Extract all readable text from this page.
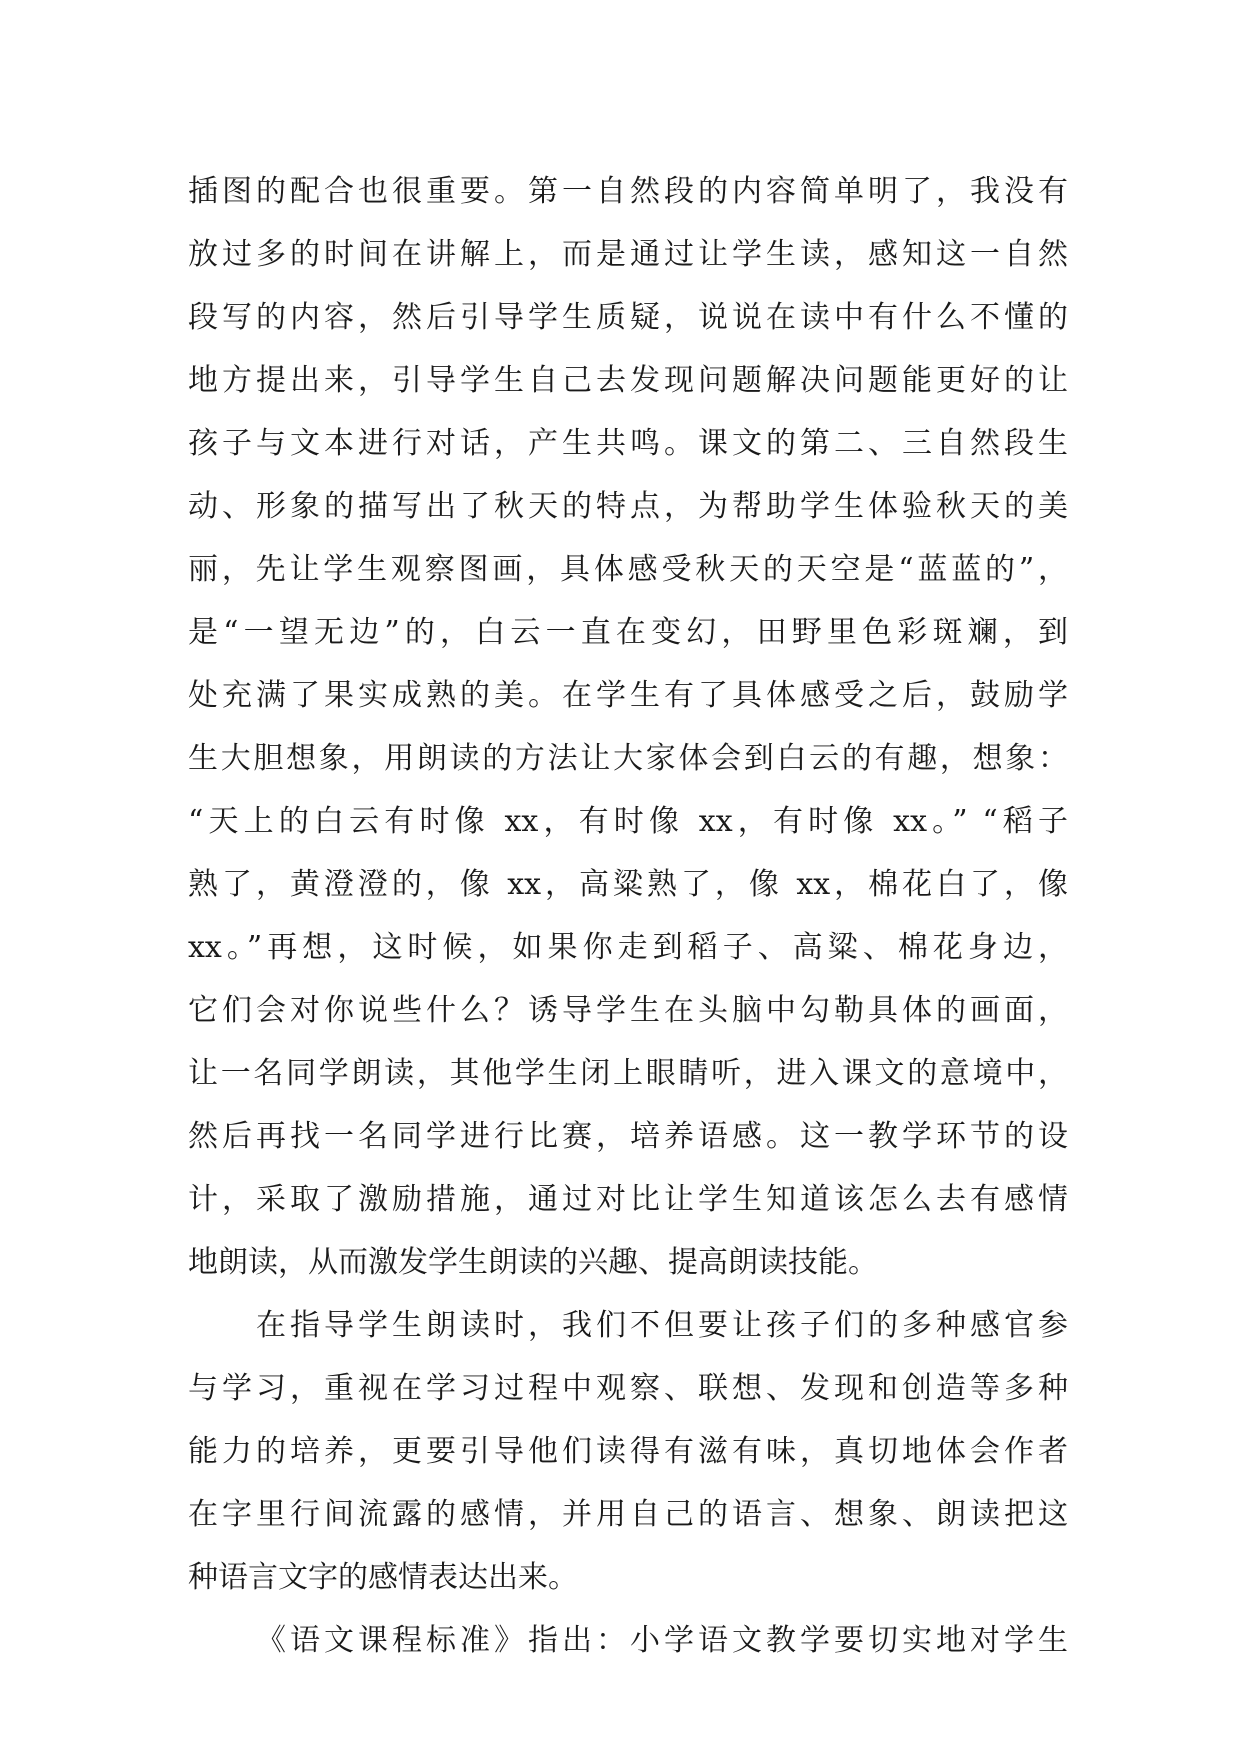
插图的配合也很重要。第一自然段的内容简单明了，我没有
放过多的时间在讲解上，而是通过让学生读，感知这一自然
段写的内容，然后引导学生质疑，说说在读中有什么不懂的
地方提出来，引导学生自己去发现问题解决问题能更好的让
孩子与文本进行对话，产生共鸣。课文的第二、三自然段生
动、形象的描写出了秋天的特点，为帮助学生体验秋天的美
丽，先让学生观察图画，具体感受秋天的天空是“蓝蓝的”，
是“一望无边”的，白云一直在变幻，田野里色彩斑斓，到
处充满了果实成熟的美。在学生有了具体感受之后，鼓励学
生大胆想象，用朗读的方法让大家体会到白云的有趣，想象：
“天上的白云有时像 xx，有时像 xx，有时像 xx。” “稻子
熟了，黄澄澄的，像 xx，高粱熟了，像 xx，棉花白了，像
xx。”再想，这时候，如果你走到稻子、高粱、棉花身边，
它们会对你说些什么？诱导学生在头脑中勾勒具体的画面，
让一名同学朗读，其他学生闭上眼睛听，进入课文的意境中，
然后再找一名同学进行比赛，培养语感。这一教学环节的设
计，采取了激励措施，通过对比让学生知道该怎么去有感情
地朗读，从而激发学生朗读的兴趣、提高朗读技能。
在指导学生朗读时，我们不但要让孩子们的多种感官参
与学习，重视在学习过程中观察、联想、发现和创造等多种
能力的培养，更要引导他们读得有滋有味，真切地体会作者
在字里行间流露的感情，并用自己的语言、想象、朗读把这
种语言文字的感情表达出来。
《语文课程标准》指出：小学语文教学要切实地对学生
